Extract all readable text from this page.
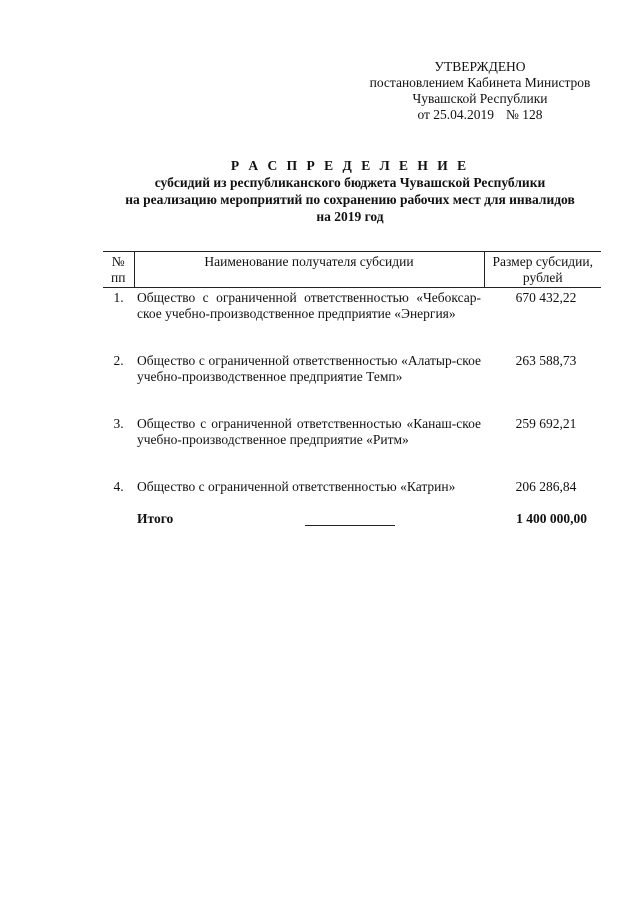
УТВЕРЖДЕНО
постановлением Кабинета Министров
Чувашской Республики
от 25.04.2019 № 128
Р А С П Р Е Д Е Л Е Н И Е
субсидий из республиканского бюджета Чувашской Республики
на реализацию мероприятий по сохранению рабочих мест для инвалидов
на 2019 год
№ пп	Наименование получателя субсидии	Размер субсидии, рублей
1.	Общество с ограниченной ответственностью «Чебоксар-ское учебно-производственное предприятие «Энергия»	670 432,22
2.	Общество с ограниченной ответственностью «Алатыр-ское учебно-производственное предприятие Темп»	263 588,73
3.	Общество с ограниченной ответственностью «Канаш-ское учебно-производственное предприятие «Ритм»	259 692,21
4.	Общество с ограниченной ответственностью «Катрин»	206 286,84
	Итого	1 400 000,00
